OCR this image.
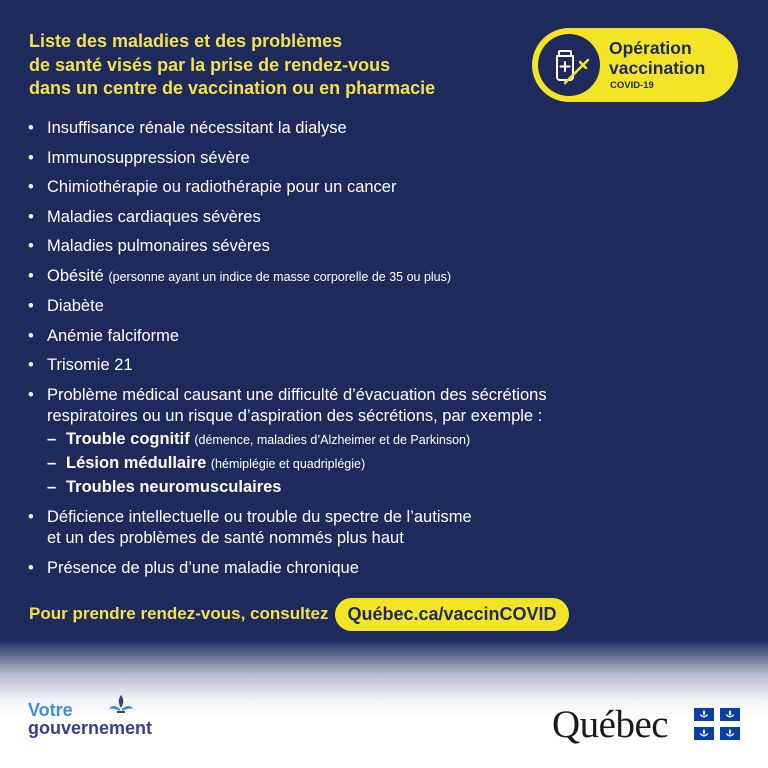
Liste des maladies et des problèmes
de santé visés par la prise de rendez-vous
dans un centre de vaccination ou en pharmacie
Opération
vaccination
COVID-19
• Insuffisance rénale nécessitant la dialyse
• Immunosuppression sévère
• Chimiothérapie ou radiothérapie pour un cancer
• Maladies cardiaques sévères
• Maladies pulmonaires sévères
• Obésité (personne ayant un indice de masse corporelle de 35 ou plus)
• Diabète
• Anémie falciforme
• Trisomie 21
• Problème médical causant une difficulté d’évacuation des sécrétions
respiratoires ou un risque d’aspiration des sécrétions, par exemple :
– Trouble cognitif (démence, maladies d’Alzheimer et de Parkinson)
– Lésion médullaire (hémiplégie et quadriplégie)
– Troubles neuromusculaires
• Déficience intellectuelle ou trouble du spectre de l’autisme
et un des problèmes de santé nommés plus haut
• Présence de plus d’une maladie chronique
Pour prendre rendez-vous, consultez	Québec.ca/vaccinCOVID
Votre
gouvernement	Québec
